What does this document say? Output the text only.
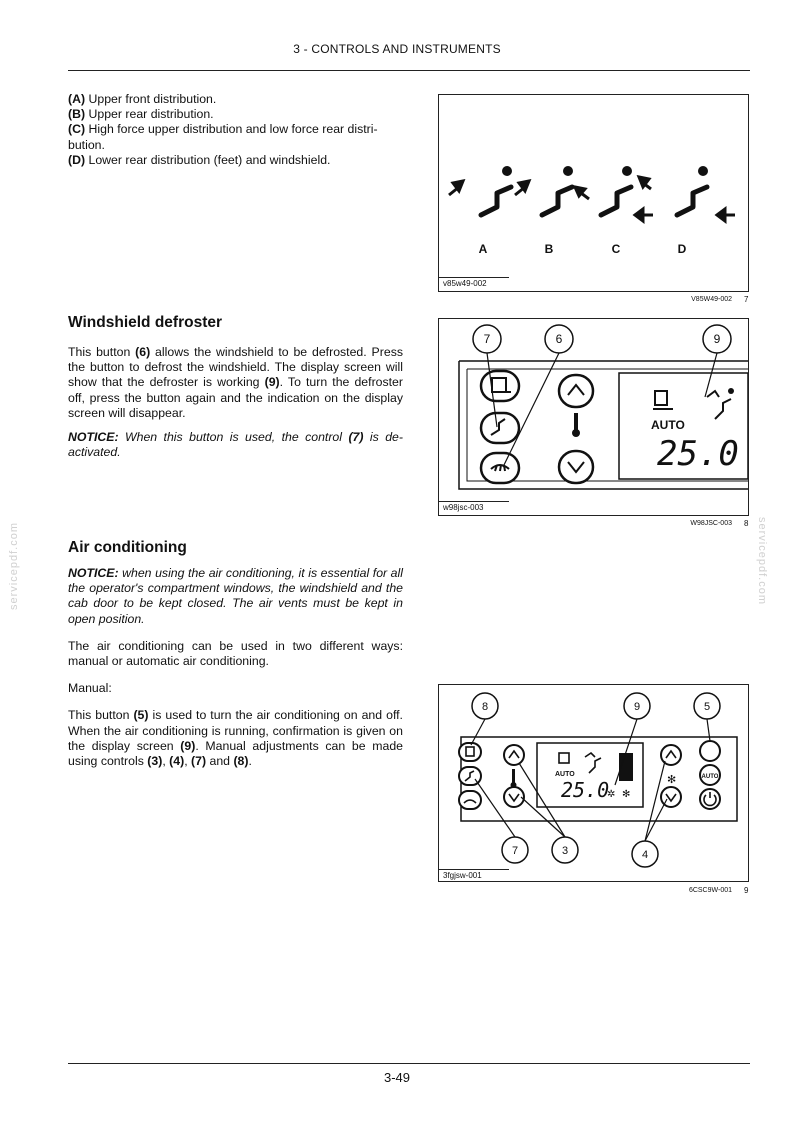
3 - CONTROLS AND INSTRUMENTS
servicepdf.com	servicepdf.com

(A) Upper front distribution.

(B) Upper rear distribution.

(C) High force upper distribution and low force rear distri-bution.

(D) Lower rear distribution (feet) and windshield.

A	B	C	D
v85w49-002
V85W49-002 7
Windshield defroster

This button (6) allows the windshield to be defrosted. Press the button to defrost the windshield. The display screen will show that the defroster is working (9). To turn the defroster off, press the button again and the indication on the display screen will disappear.

NOTICE: When this button is used, the control (7) is de-activated.

AUTO
25.0
7	6	9
w98jsc-003
W98JSC-003 8
Air conditioning

NOTICE: when using the air conditioning, it is essential for all the operator's compartment windows, the windshield and the cab door to be kept closed. The air vents must be kept in open position.

The air conditioning can be used in two different ways: manual or automatic air conditioning.

Manual:

This button (5) is used to turn the air conditioning on and off. When the air conditioning is running, confirmation is given on the display screen (9). Manual adjustments can be made using controls (3), (4), (7) and (8).

AUTO
✻
AUTO
25.0
✲ ✻
8	9	5
7	3	4
3fgjsw-001
6CSC9W-001 9
3-49
